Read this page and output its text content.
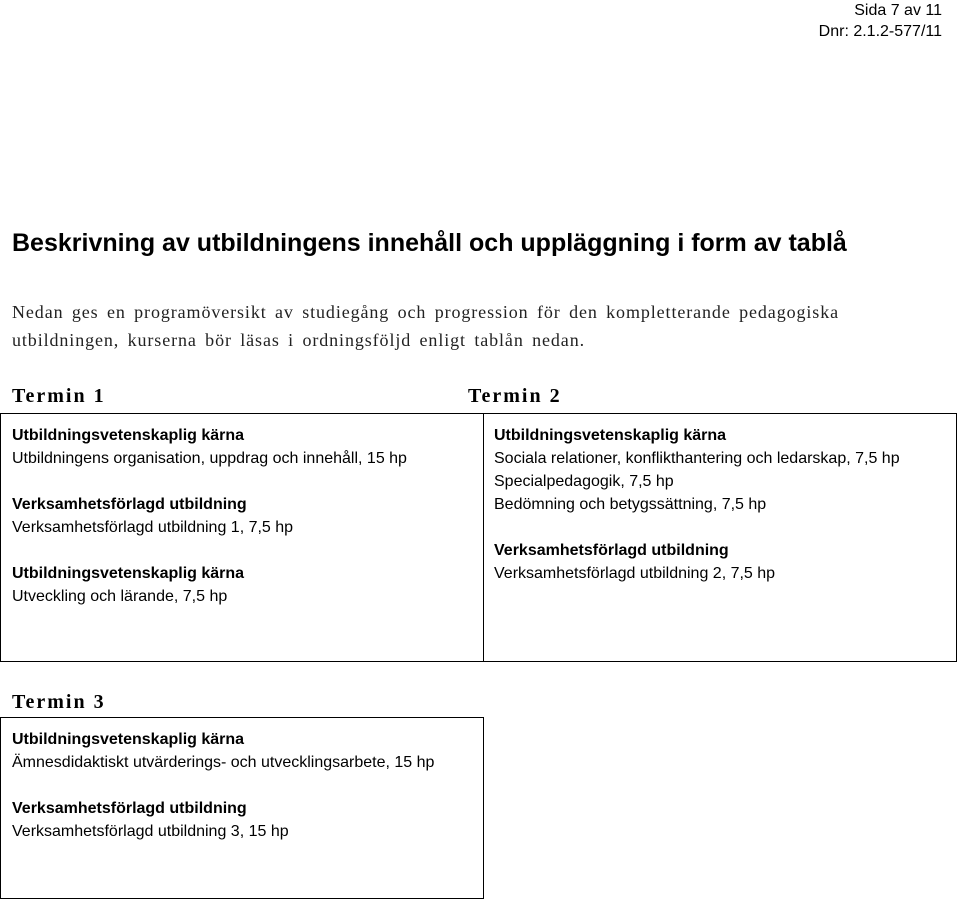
Sida 7 av 11
Dnr: 2.1.2-577/11
Beskrivning av utbildningens innehåll och uppläggning i form av tablå

Nedan ges en programöversikt av studiegång och progression för den kompletterande pedagogiska utbildningen, kurserna bör läsas i ordningsföljd enligt tablån nedan.

Termin 1	Termin 2
Utbildningsvetenskaplig kärna
Utbildningens organisation, uppdrag och innehåll, 15 hp
Verksamhetsförlagd utbildning
Verksamhetsförlagd utbildning 1, 7,5 hp
Utbildningsvetenskaplig kärna
Utveckling och lärande, 7,5 hp
Utbildningsvetenskaplig kärna
Sociala relationer, konflikthantering och ledarskap, 7,5 hp
Specialpedagogik, 7,5 hp
Bedömning och betygssättning, 7,5 hp
Verksamhetsförlagd utbildning
Verksamhetsförlagd utbildning 2, 7,5 hp
Termin 3
Utbildningsvetenskaplig kärna
Ämnesdidaktiskt utvärderings- och utvecklingsarbete, 15 hp
Verksamhetsförlagd utbildning
Verksamhetsförlagd utbildning 3, 15 hp
